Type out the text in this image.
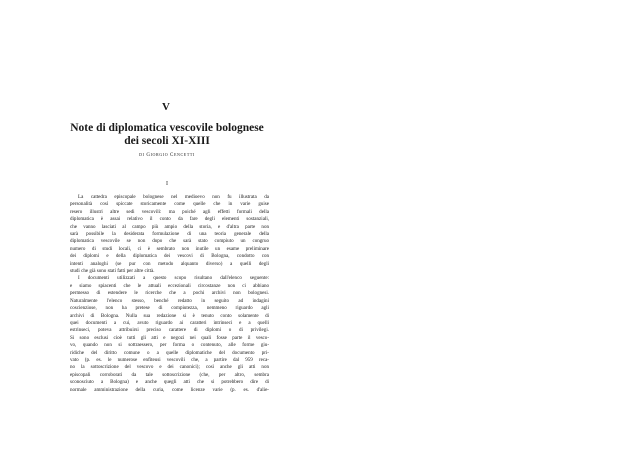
V
Note di diplomatica vescovile bolognese
dei secoli XI-XIII

di Giorgio Cencetti

I

La cattedra episcopale bolognese nel medioevo non fu illustrata da
personalità così spiccate storicamente come quelle che in varie guise
resero illustri altre sedi vescovili: ma poiché agli effetti formali della
diplomatica è assai relativo il conto da fare degli elementi sostanziali,
che vanno lasciati al campo più ampio della storia, e d'altra parte non
sarà possibile la desiderata formulazione di una teoria generale della
diplomatica vescovile se non dopo che sarà stato compiuto un congruo
numero di studi locali, ci è sembrato non inutile un esame preliminare
dei diplomi e della diplomatica dei vescovi di Bologna, condotto con
intenti analoghi (se pur con metodo alquanto diverso) a quelli degli
studi che già sono stati fatti per altre città.
I documenti utilizzati a questo scopo risultano dall'elenco seguente:
e siamo spiacenti che le attuali eccezionali circostanze non ci abbiano
permesso di estendere le ricerche che a pochi archivi non bolognesi.
Naturalmente l'elenco stesso, benché redatto in seguito ad indagini
coscienziose, non ha pretese di compiutezza, nemmeno riguardo agli
archivi di Bologna. Nulla sua redazione si è tenuto conto solamente di
quei documenti a cui, avuto riguardo ai caratteri intrinseci e a quelli
estrinseci, poteva attribuirsi preciso carattere di diplomi o di privilegi.
Si sono esclusi cioè tutti gli atti e negozi nei quali fosse parte il vesco-
vo, quando non si sottraessero, per forma o contenuto, alle forme giu-
ridiche del diritto comune o a quelle diplomatiche del documento pri-
vato (p. es. le numerose enfiteusi vescovili che, a partire dal 959 reca-
no la sottoscrizione del vescovo e dei canonici); così anche gli atti non
episcopali corroborati da tale sottoscrizione (che, per altro, sembra
sconosciuto a Bologna) e anche quegli atti che si potrebbero dire di
normale amministrazione della curia, come licenze varie (p. es. d'alie-
